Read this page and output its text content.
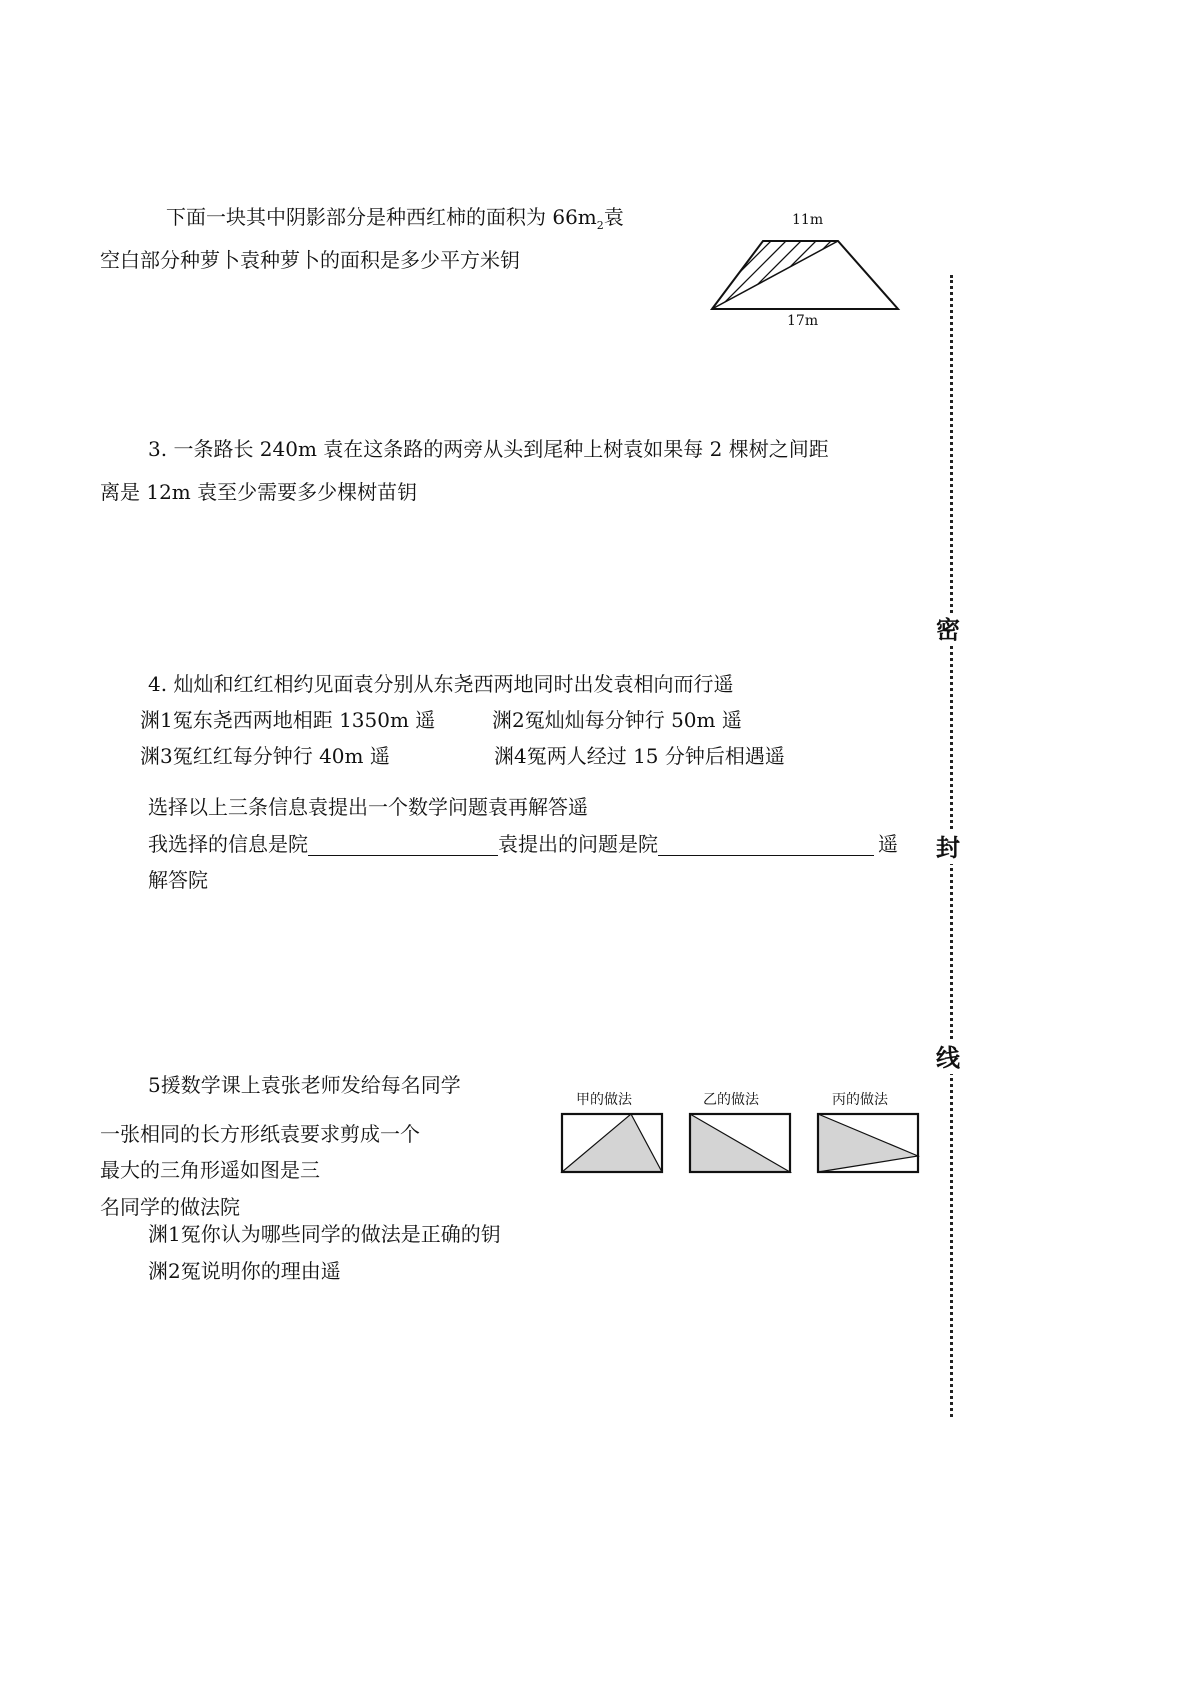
下面一块其中阴影部分是种西红柿的面积为 $66m_2$袁
空白部分种萝卜袁种萝卜的面积是多少平方米钥
11m
17m
3. 一条路长 240m 袁在这条路的两旁从头到尾种上树袁如果每 2 棵树之间距
离是 12m 袁至少需要多少棵树苗钥
4. 灿灿和红红相约见面袁分别从东尧西两地同时出发袁相向而行遥
渊1冤东尧西两地相距 1350m 遥	渊2冤灿灿每分钟行 50m 遥
渊3冤红红每分钟行 40m 遥	渊4冤两人经过 15 分钟后相遇遥
选择以上三条信息袁提出一个数学问题袁再解答遥
我选择的信息是院	袁提出的问题是院	遥
解答院
5援数学课上袁张老师发给每名同学
一张相同的长方形纸袁要求剪成一个
最大的三角形遥如图是三
名同学的做法院
渊1冤你认为哪些同学的做法是正确的钥
渊2冤说明你的理由遥
甲的做法	乙的做法	丙的做法
密
封
线
